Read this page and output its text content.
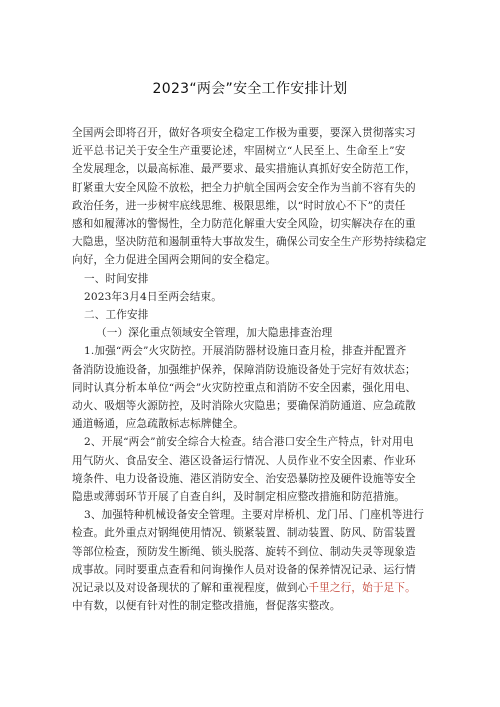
2023“两会”安全工作安排计划
全国两会即将召开，做好各项安全稳定工作极为重要，要深入贯彻落实习
近平总书记关于安全生产重要论述，牢固树立“人民至上、生命至上”安
全发展理念，以最高标准、最严要求、最实措施认真抓好安全防范工作，
盯紧重大安全风险不放松，把全力护航全国两会安全作为当前不容有失的
政治任务，进一步树牢底线思维、极限思维，以“时时放心不下”的责任
感和如履薄冰的警惕性，全力防范化解重大安全风险，切实解决存在的重
大隐患，坚决防范和遏制重特大事故发生，确保公司安全生产形势持续稳定
向好，全力促进全国两会期间的安全稳定。
一、时间安排
2023年3月4日至两会结束。
二、工作安排
（一）深化重点领域安全管理，加大隐患排查治理
1.加强“两会”火灾防控。开展消防器材设施日查月检，排查并配置齐
备消防设施设备，加强维护保养，保障消防设施设备处于完好有效状态；
同时认真分析本单位“两会”火灾防控重点和消防不安全因素，强化用电、
动火、吸烟等火源防控，及时消除火灾隐患；要确保消防通道、应急疏散
通道畅通，应急疏散标志标牌健全。
2、开展“两会”前安全综合大检查。结合港口安全生产特点，针对用电
用气防火、食品安全、港区设备运行情况、人员作业不安全因素、作业环
境条件、电力设备设施、港区消防安全、治安恐暴防控及硬件设施等安全
隐患或薄弱环节开展了自查自纠，及时制定相应整改措施和防范措施。
3、加强特种机械设备安全管理。主要对岸桥机、龙门吊、门座机等进行
检查。此外重点对钢绳使用情况、锁紧装置、制动装置、防风、防雷装置
等部位检查，预防发生断绳、锁头脱落、旋转不到位、制动失灵等现象造
成事故。同时要重点查看和问询操作人员对设备的保养情况记录、运行情
况记录以及对设备现状的了解和重视程度，做到心千里之行，始于足下。
中有数，以便有针对性的制定整改措施，督促落实整改。
